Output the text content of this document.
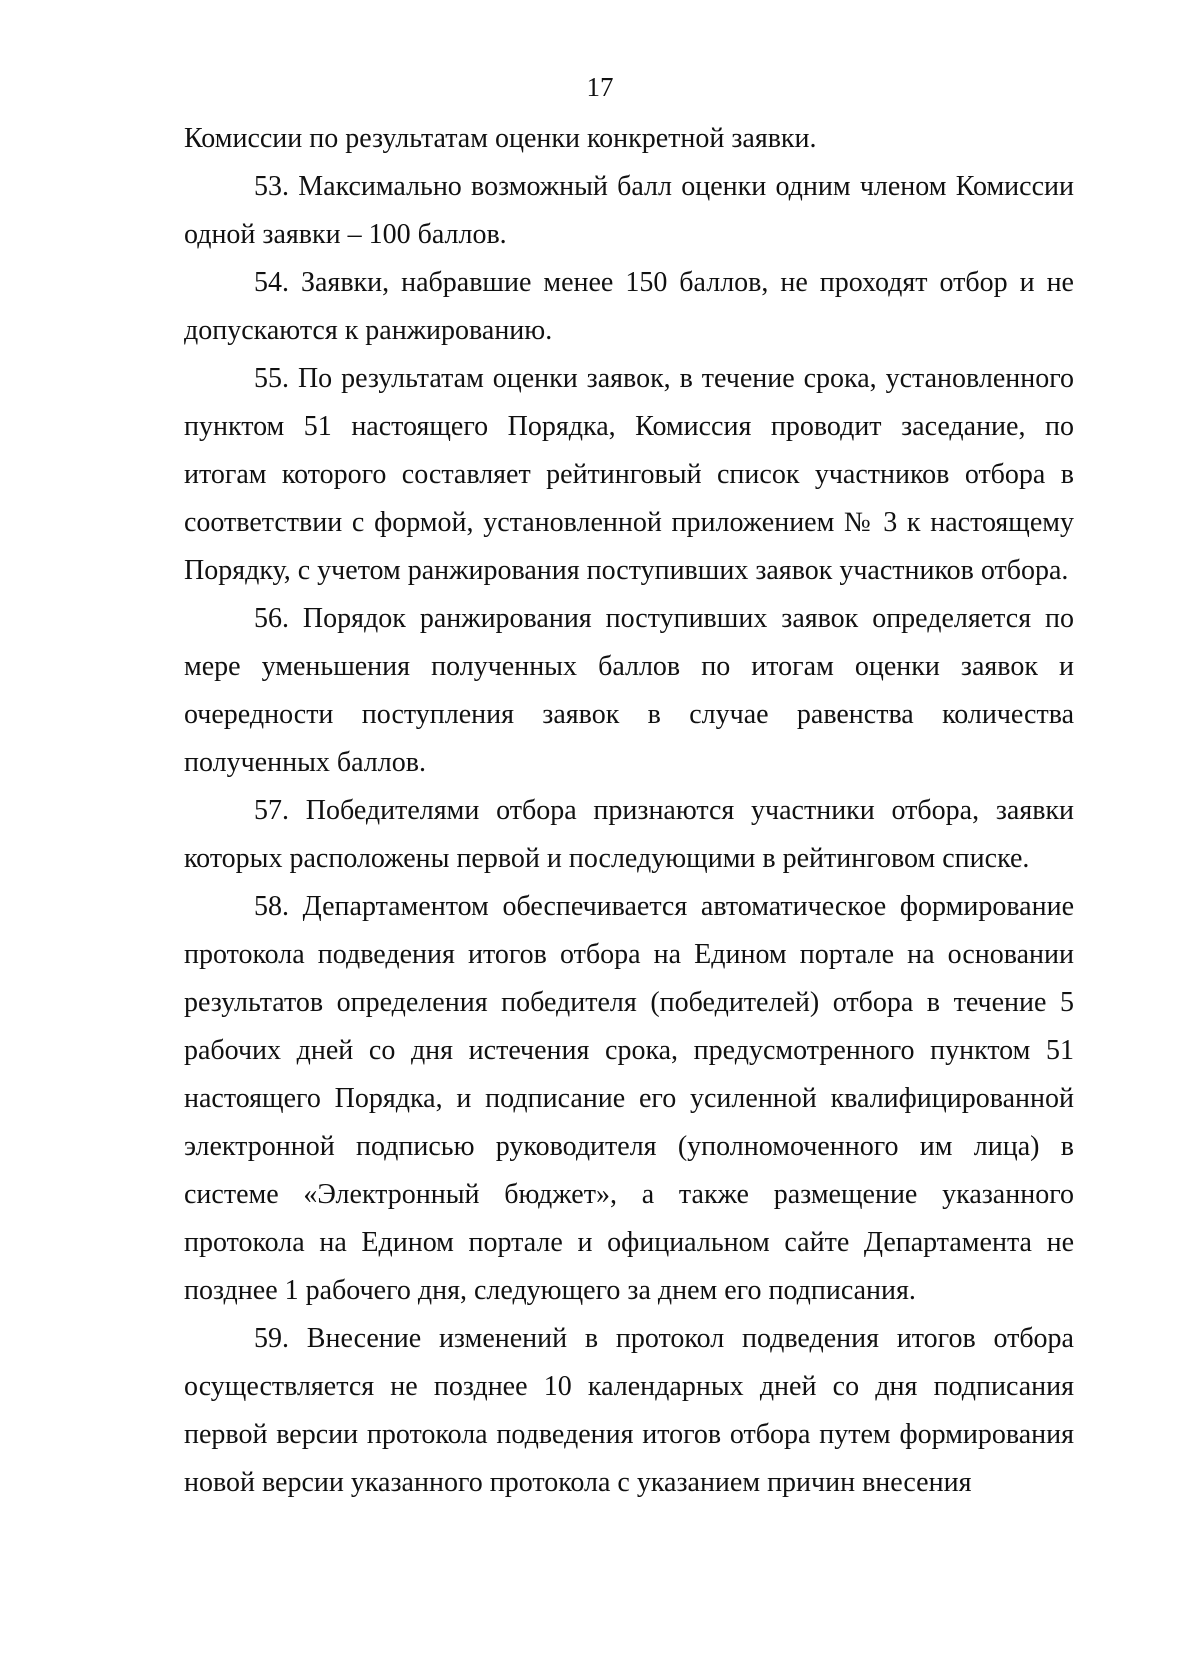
17

Комиссии по результатам оценки конкретной заявки.

53. Максимально возможный балл оценки одним членом Комиссии одной заявки – 100 баллов.

54. Заявки, набравшие менее 150 баллов, не проходят отбор и не допускаются к ранжированию.

55. По результатам оценки заявок, в течение срока, установленного пунктом 51 настоящего Порядка, Комиссия проводит заседание, по итогам которого составляет рейтинговый список участников отбора в соответствии с формой, установленной приложением № 3 к настоящему Порядку, с учетом ранжирования поступивших заявок участников отбора.

56. Порядок ранжирования поступивших заявок определяется по мере уменьшения полученных баллов по итогам оценки заявок и очередности поступления заявок в случае равенства количества полученных баллов.

57. Победителями отбора признаются участники отбора, заявки которых расположены первой и последующими в рейтинговом списке.

58. Департаментом обеспечивается автоматическое формирование протокола подведения итогов отбора на Едином портале на основании результатов определения победителя (победителей) отбора в течение 5 рабочих дней со дня истечения срока, предусмотренного пунктом 51 настоящего Порядка, и подписание его усиленной квалифицированной электронной подписью руководителя (уполномоченного им лица) в системе «Электронный бюджет», а также размещение указанного протокола на Едином портале и официальном сайте Департамента не позднее 1 рабочего дня, следующего за днем его подписания.

59. Внесение изменений в протокол подведения итогов отбора осуществляется не позднее 10 календарных дней со дня подписания первой версии протокола подведения итогов отбора путем формирования новой версии указанного протокола с указанием причин внесения
